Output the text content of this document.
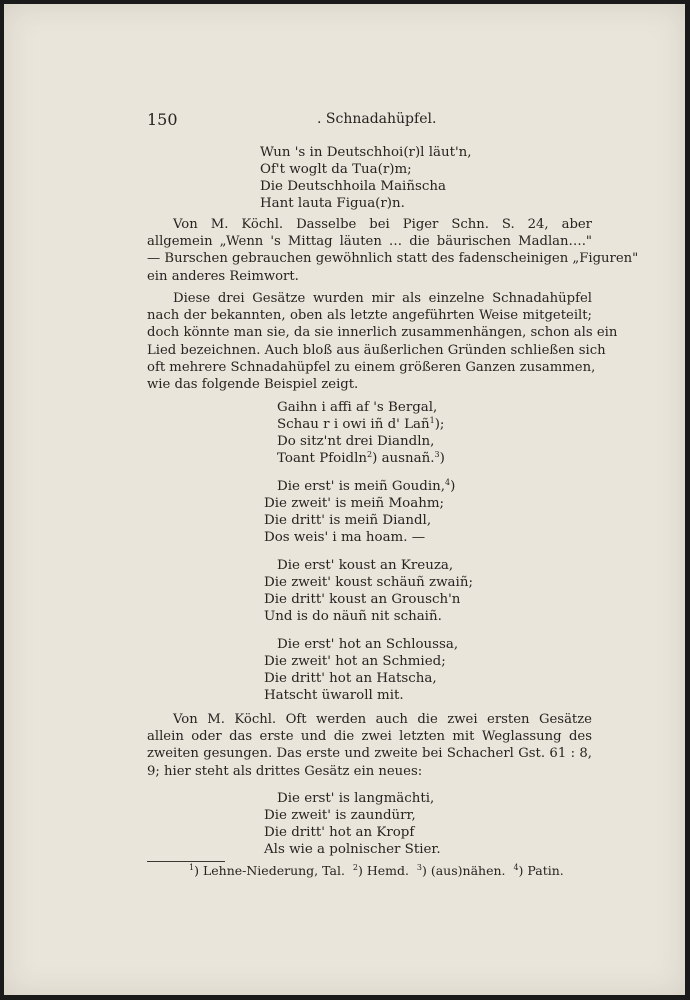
150	. Schnadahüpfel.
Wun 's in Deutschhoi(r)l läut'n,
Of't woglt da Tua(r)m;
Die Deutschhoila Maiñscha
Hant lauta Figua(r)n.
Von M. Köchl. Dasselbe bei Piger Schn. S. 24, aber
allgemein „Wenn 's Mittag läuten … die bäurischen Madlan…."
— Burschen gebrauchen gewöhnlich statt des fadenscheinigen „Figuren"
ein anderes Reimwort.
Diese drei Gesätze wurden mir als einzelne Schnadahüpfel
nach der bekannten, oben als letzte angeführten Weise mitgeteilt;
doch könnte man sie, da sie innerlich zusammenhängen, schon als ein
Lied bezeichnen. Auch bloß aus äußerlichen Gründen schließen sich
oft mehrere Schnadahüpfel zu einem größeren Ganzen zusammen,
wie das folgende Beispiel zeigt.
Gaihn i affi af 's Bergal,
Schau r i owi iñ d' Lañ$^1$);
Do sitz'nt drei Diandln,
Toant Pfoidln$^2$) ausnañ.$^3$)
Die erst' is meiñ Goudin,$^4$)
Die zweit' is meiñ Moahm;
Die dritt' is meiñ Diandl,
Dos weis' i ma hoam. —
Die erst' koust an Kreuza,
Die zweit' koust schäuñ zwaiñ;
Die dritt' koust an Grousch'n
Und is do näuñ nit schaiñ.
Die erst' hot an Schloussa,
Die zweit' hot an Schmied;
Die dritt' hot an Hatscha,
Hatscht üwaroll mit.
Von M. Köchl. Oft werden auch die zwei ersten Gesätze
allein oder das erste und die zwei letzten mit Weglassung des
zweiten gesungen. Das erste und zweite bei Schacherl Gst. 61 : 8,
9; hier steht als drittes Gesätz ein neues:
Die erst' is langmächti,
Die zweit' is zaundürr,
Die dritt' hot an Kropf
Als wie a polnischer Stier.
$^1$) Lehne-Niederung, Tal. $^2$) Hemd. $^3$) (aus)nähen. $^4$) Patin.
